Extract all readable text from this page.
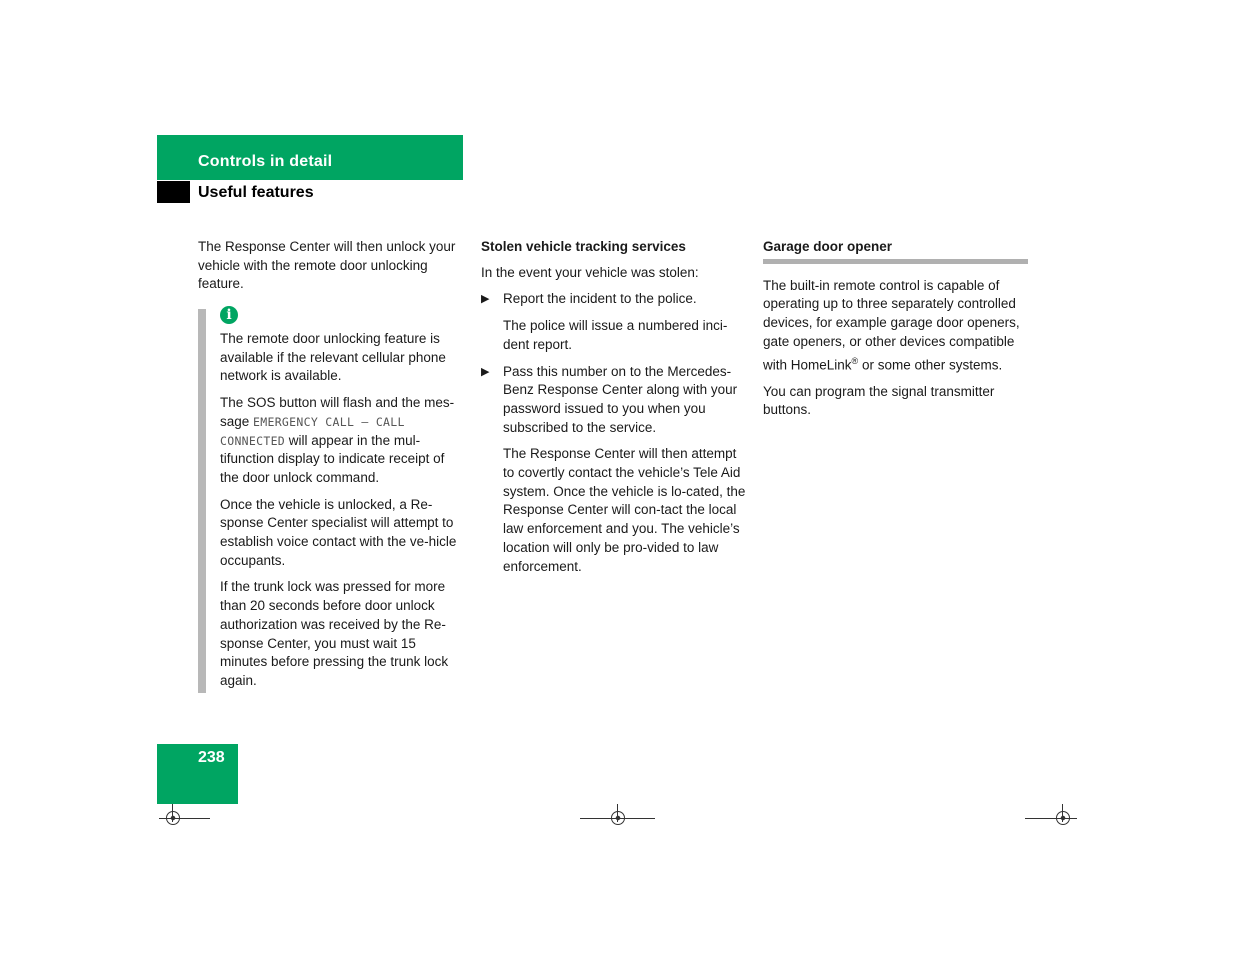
Controls in detail
Useful features

The Response Center will then unlock your vehicle with the remote door unlocking feature.

i

The remote door unlocking feature is available if the relevant cellular phone network is available.

The SOS button will flash and the mes-sage EMERGENCY CALL – CALL CONNECTED will appear in the mul-tifunction display to indicate receipt of the door unlock command.

Once the vehicle is unlocked, a Re-sponse Center specialist will attempt to establish voice contact with the ve-hicle occupants.

If the trunk lock was pressed for more than 20 seconds before door unlock authorization was received by the Re-sponse Center, you must wait 15 minutes before pressing the trunk lock again.

Stolen vehicle tracking services

In the event your vehicle was stolen:

▶ Report the incident to the police.

The police will issue a numbered inci-dent report.

▶ Pass this number on to the Mercedes-Benz Response Center along with your password issued to you when you subscribed to the service.

The Response Center will then attempt to covertly contact the vehicle’s Tele Aid system. Once the vehicle is lo-cated, the Response Center will con-tact the local law enforcement and you. The vehicle’s location will only be pro-vided to law enforcement.

Garage door opener

The built-in remote control is capable of operating up to three separately controlled devices, for example garage door openers, gate openers, or other devices compatible with HomeLink® or some other systems.

You can program the signal transmitter buttons.

238
